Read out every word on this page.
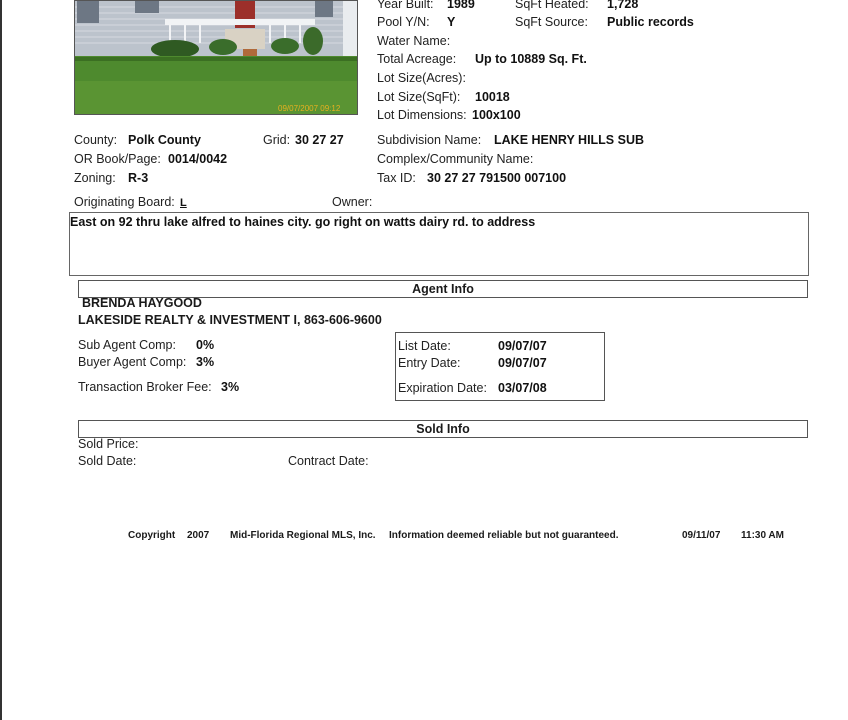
09/07/2007 09:12
Year Built: 1989	SqFt Heated: 1,728
Pool Y/N: Y	SqFt Source: Public records
Water Name:
Total Acreage: Up to 10889 Sq. Ft.
Lot Size(Acres):
Lot Size(SqFt): 10018
Lot Dimensions: 100x100
County: Polk County	Grid: 30 27 27	Subdivision Name: LAKE HENRY HILLS SUB
OR Book/Page: 0014/0042	Complex/Community Name:
Zoning: R-3	Tax ID: 30 27 27 791500 007100
Originating Board: L	Owner:
East on 92 thru lake alfred to haines city. go right on watts dairy rd. to address
Agent Info
BRENDA HAYGOOD
LAKESIDE REALTY & INVESTMENT I, 863-606-9600
Sub Agent Comp: 0%
Buyer Agent Comp: 3%
Transaction Broker Fee: 3%
List Date:	09/07/07
Entry Date:	09/07/07
Expiration Date: 03/07/08
Sold Info
Sold Price:
Sold Date:	Contract Date:
Copyright 2007 Mid-Florida Regional MLS, Inc. Information deemed reliable but not guaranteed.	09/11/07 11:30 AM
